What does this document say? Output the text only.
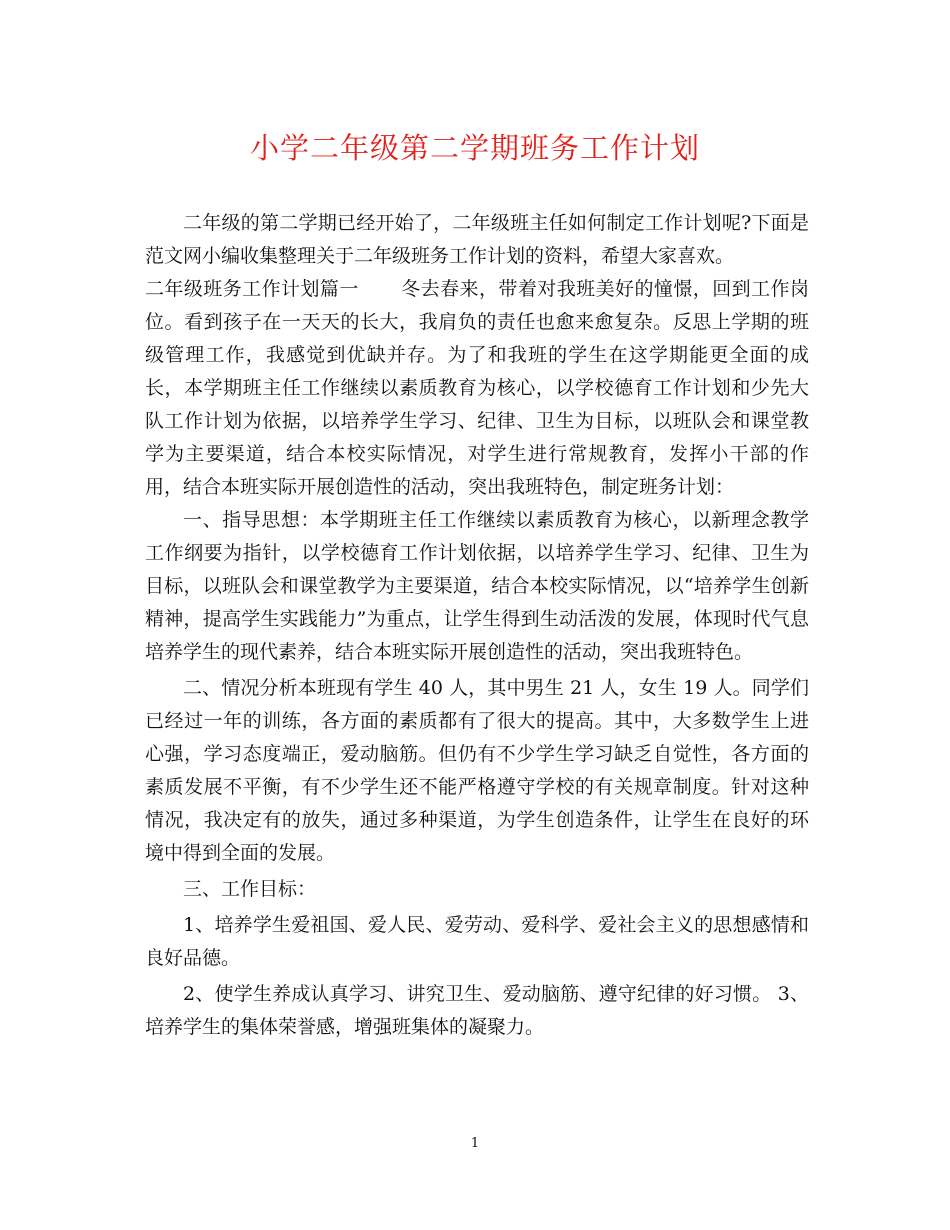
小学二年级第二学期班务工作计划

二年级的第二学期已经开始了，二年级班主任如何制定工作计划呢?下面是范文网小编收集整理关于二年级班务工作计划的资料，希望大家喜欢。

二年级班务工作计划篇一 冬去春来，带着对我班美好的憧憬，回到工作岗位。看到孩子在一天天的长大，我肩负的责任也愈来愈复杂。反思上学期的班级管理工作，我感觉到优缺并存。为了和我班的学生在这学期能更全面的成长，本学期班主任工作继续以素质教育为核心，以学校德育工作计划和少先大队工作计划为依据，以培养学生学习、纪律、卫生为目标，以班队会和课堂教学为主要渠道，结合本校实际情况，对学生进行常规教育，发挥小干部的作用，结合本班实际开展创造性的活动，突出我班特色，制定班务计划：

一、指导思想：本学期班主任工作继续以素质教育为核心，以新理念教学工作纲要为指针，以学校德育工作计划依据，以培养学生学习、纪律、卫生为目标，以班队会和课堂教学为主要渠道，结合本校实际情况，以“培养学生创新精神，提高学生实践能力”为重点，让学生得到生动活泼的发展，体现时代气息培养学生的现代素养，结合本班实际开展创造性的活动，突出我班特色。

二、情况分析本班现有学生 40 人，其中男生 21 人，女生 19 人。同学们已经过一年的训练，各方面的素质都有了很大的提高。其中，大多数学生上进心强，学习态度端正，爱动脑筋。但仍有不少学生学习缺乏自觉性，各方面的素质发展不平衡，有不少学生还不能严格遵守学校的有关规章制度。针对这种情况，我决定有的放失，通过多种渠道，为学生创造条件，让学生在良好的环境中得到全面的发展。

三、工作目标：

1、培养学生爱祖国、爱人民、爱劳动、爱科学、爱社会主义的思想感情和良好品德。

2、使学生养成认真学习、讲究卫生、爱动脑筋、遵守纪律的好习惯。 3、培养学生的集体荣誉感，增强班集体的凝聚力。

1
